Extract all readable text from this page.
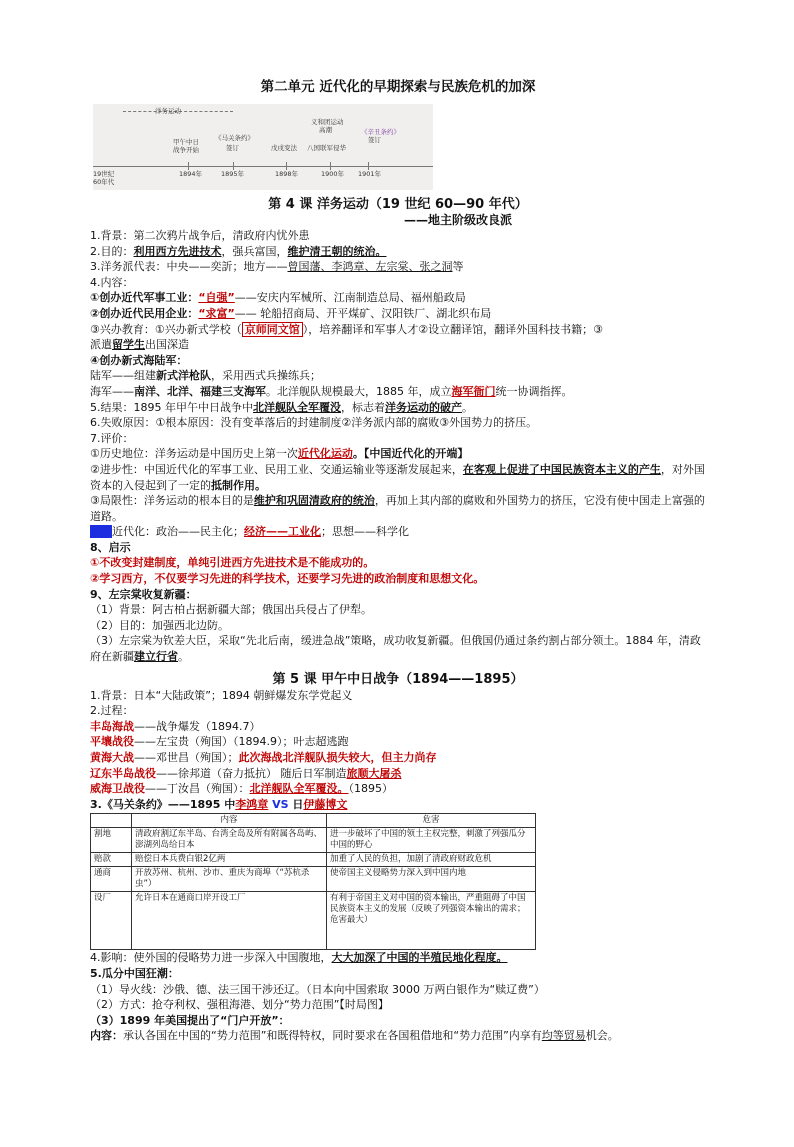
第二单元 近代化的早期探索与民族危机的加深
洋务运动
19世纪
60年代
甲午中日
战争开始
1894年
《马关条约》
签订
1895年
戊戌变法
1898年
义和团运动
高潮
八国联军侵华
1900年
《辛丑条约》
签订
1901年
第 4 课 洋务运动（19 世纪 60—90 年代）
——地主阶级改良派
1.背景：第二次鸦片战争后，清政府内忧外患
2.目的：利用西方先进技术，强兵富国，维护清王朝的统治。
3.洋务派代表：中央——奕訢；地方——曾国藩、李鸿章、左宗棠、张之洞等
4.内容：
①创办近代军事工业：“自强”——安庆内军械所、江南制造总局、福州船政局
②创办近代民用企业：“求富”—— 轮船招商局、开平煤矿、汉阳铁厂、湖北织布局
③兴办教育：①兴办新式学校（ 京师同文馆 ），培养翻译和军事人才②设立翻译馆，翻译外国科技书籍；③
派遣留学生出国深造
④创办新式海陆军：
陆军——组建新式洋枪队，采用西式兵操练兵；
海军——南洋、北洋、福建三支海军。北洋舰队规模最大，1885 年，成立海军衙门统一协调指挥。
5.结果：1895 年甲午中日战争中北洋舰队全军覆没，标志着洋务运动的破产。
6.失败原因：①根本原因：没有变革落后的封建制度②洋务派内部的腐败③外国势力的挤压。
7.评价：
①历史地位：洋务运动是中国历史上第一次近代化运动。【中国近代化的开端】
②进步性：中国近代化的军事工业、民用工业、交通运输业等逐渐发展起来，在客观上促进了中国民族资本主义的产生，对外国资本的入侵起到了一定的抵制作用。
③局限性：洋务运动的根本目的是维护和巩固清政府的统治，再加上其内部的腐败和外国势力的挤压，它没有使中国走上富强的道路。
拓展近代化：政治——民主化；经济——工业化；思想——科学化
8、启示
①不改变封建制度，单纯引进西方先进技术是不能成功的。
②学习西方，不仅要学习先进的科学技术，还要学习先进的政治制度和思想文化。
9、左宗棠收复新疆：
（1）背景：阿古柏占据新疆大部；俄国出兵侵占了伊犁。
（2）目的：加强西北边防。
（3）左宗棠为钦差大臣，采取“先北后南，缓进急战”策略，成功收复新疆。但俄国仍通过条约割占部分领土。1884 年，清政府在新疆建立行省。
第 5 课 甲午中日战争（1894——1895）
1.背景：日本“大陆政策”；1894 朝鲜爆发东学党起义
2.过程：
丰岛海战——战争爆发（1894.7）
平壤战役——左宝贵（殉国）（1894.9）；叶志超逃跑
黄海大战——邓世昌（殉国）；此次海战北洋舰队损失较大，但主力尚存
辽东半岛战役——徐邦道（奋力抵抗） 随后日军制造旅顺大屠杀
威海卫战役——丁汝昌（殉国）：北洋舰队全军覆没。（1895）
3.《马关条约》——1895 中李鸿章 VS 日伊藤博文
	内容	危害
割地	清政府割辽东半岛、台湾全岛及所有附属各岛屿、澎湖列岛给日本	进一步破坏了中国的领土主权完整，刺激了列强瓜分中国的野心
赔款	赔偿日本兵费白银2亿两	加重了人民的负担，加剧了清政府财政危机
通商	开放苏州、杭州、沙市、重庆为商埠（“苏杭杀虫”）	使帝国主义侵略势力深入到中国内地
设厂	允许日本在通商口岸开设工厂	有利于帝国主义对中国的资本输出，严重阻碍了中国民族资本主义的发展（反映了列强资本输出的需求；危害最大）
4.影响：使外国的侵略势力进一步深入中国腹地，大大加深了中国的半殖民地化程度。
5.瓜分中国狂潮：
（1）导火线：沙俄、德、法三国干涉还辽。（日本向中国索取 3000 万两白银作为“赎辽费”）
（2）方式：抢夺利权、强租海港、划分“势力范围”【时局图】
（3）1899 年美国提出了“门户开放”：
内容：承认各国在中国的“势力范围”和既得特权，同时要求在各国租借地和“势力范围”内享有均等贸易机会。
